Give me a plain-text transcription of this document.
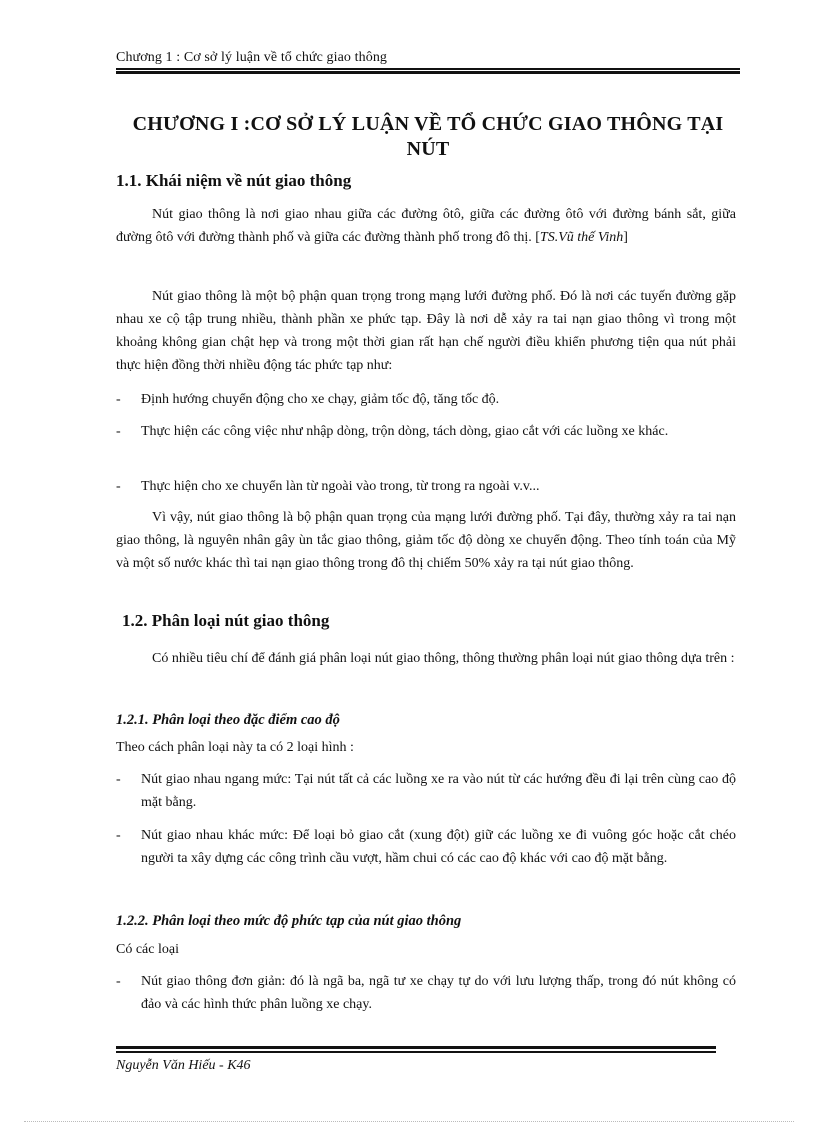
Chương 1 : Cơ sở lý luận về tổ chức giao thông
CHƯƠNG I :CƠ SỞ LÝ LUẬN VỀ TỔ CHỨC GIAO THÔNG TẠI NÚT
1.1. Khái niệm về nút giao thông
Nút giao thông là nơi giao nhau giữa các đường ôtô, giữa các đường ôtô với đường bánh sắt, giữa đường ôtô với đường thành phố và giữa các đường thành phố trong đô thị. [TS.Vũ thế Vinh]
Nút giao thông là một bộ phận quan trọng trong mạng lưới đường phố. Đó là nơi các tuyến đường gặp nhau xe cộ tập trung nhiều, thành phần xe phức tạp. Đây là nơi dễ xảy ra tai nạn giao thông vì trong một khoảng không gian chật hẹp và trong một thời gian rất hạn chế người điều khiển phương tiện qua nút phải thực hiện đồng thời nhiều động tác phức tạp như:
- Định hướng chuyển động cho xe chạy, giảm tốc độ, tăng tốc độ.
- Thực hiện các công việc như nhập dòng, trộn dòng, tách dòng, giao cắt với các luồng xe khác.
- Thực hiện cho xe chuyển làn từ ngoài vào trong, từ trong ra ngoài v.v...
Vì vậy, nút giao thông là bộ phận quan trọng của mạng lưới đường phố. Tại đây, thường xảy ra tai nạn giao thông, là nguyên nhân gây ùn tắc giao thông, giảm tốc độ dòng xe chuyển động. Theo tính toán của Mỹ và một số nước khác thì tai nạn giao thông trong đô thị chiếm 50% xảy ra tại nút giao thông.
1.2. Phân loại nút giao thông
Có nhiều tiêu chí để đánh giá phân loại nút giao thông, thông thường phân loại nút giao thông dựa trên :
1.2.1. Phân loại theo đặc điểm cao độ
Theo cách phân loại này ta có 2 loại hình :
- Nút giao nhau ngang mức: Tại nút tất cả các luồng xe ra vào nút từ các hướng đều đi lại trên cùng cao độ mặt bằng.
- Nút giao nhau khác mức: Để loại bỏ giao cắt (xung đột) giữ các luồng xe đi vuông góc hoặc cắt chéo người ta xây dựng các công trình cầu vượt, hầm chui có các cao độ khác với cao độ mặt bằng.
1.2.2. Phân loại theo mức độ phức tạp của nút giao thông
Có các loại
- Nút giao thông đơn giản: đó là ngã ba, ngã tư xe chạy tự do với lưu lượng thấp, trong đó nút không có đảo và các hình thức phân luồng xe chạy.
Nguyễn Văn Hiếu - K46
